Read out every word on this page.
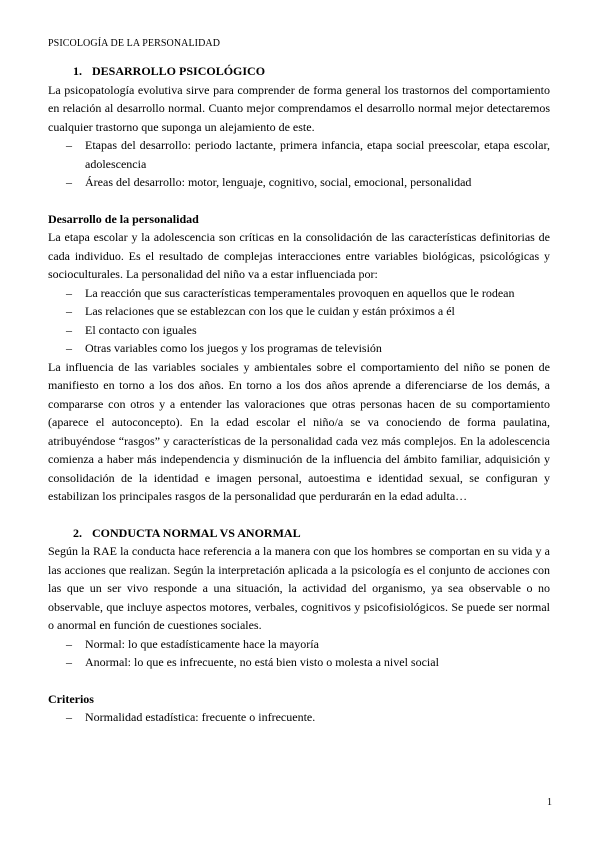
PSICOLOGÍA DE LA PERSONALIDAD
1. DESARROLLO PSICOLÓGICO

La psicopatología evolutiva sirve para comprender de forma general los trastornos del comportamiento en relación al desarrollo normal. Cuanto mejor comprendamos el desarrollo normal mejor detectaremos cualquier trastorno que suponga un alejamiento de este.

–	Etapas del desarrollo: periodo lactante, primera infancia, etapa social preescolar, etapa escolar, adolescencia
–	Áreas del desarrollo: motor, lenguaje, cognitivo, social, emocional, personalidad

Desarrollo de la personalidad

La etapa escolar y la adolescencia son críticas en la consolidación de las características definitorias de cada individuo. Es el resultado de complejas interacciones entre variables biológicas, psicológicas y socioculturales. La personalidad del niño va a estar influenciada por:

–	La reacción que sus características temperamentales provoquen en aquellos que le rodean
–	Las relaciones que se establezcan con los que le cuidan y están próximos a él
–	El contacto con iguales
–	Otras variables como los juegos y los programas de televisión

La influencia de las variables sociales y ambientales sobre el comportamiento del niño se ponen de manifiesto en torno a los dos años. En torno a los dos años aprende a diferenciarse de los demás, a compararse con otros y a entender las valoraciones que otras personas hacen de su comportamiento (aparece el autoconcepto). En la edad escolar el niño/a se va conociendo de forma paulatina, atribuyéndose “rasgos” y características de la personalidad cada vez más complejos. En la adolescencia comienza a haber más independencia y disminución de la influencia del ámbito familiar, adquisición y consolidación de la identidad e imagen personal, autoestima e identidad sexual, se configuran y estabilizan los principales rasgos de la personalidad que perdurarán en la edad adulta…

2. CONDUCTA NORMAL VS ANORMAL

Según la RAE la conducta hace referencia a la manera con que los hombres se comportan en su vida y a las acciones que realizan. Según la interpretación aplicada a la psicología es el conjunto de acciones con las que un ser vivo responde a una situación, la actividad del organismo, ya sea observable o no observable, que incluye aspectos motores, verbales, cognitivos y psicofisiológicos. Se puede ser normal o anormal en función de cuestiones sociales.

–	Normal: lo que estadísticamente hace la mayoría
–	Anormal: lo que es infrecuente, no está bien visto o molesta a nivel social

Criterios

–	Normalidad estadística: frecuente o infrecuente.
1
